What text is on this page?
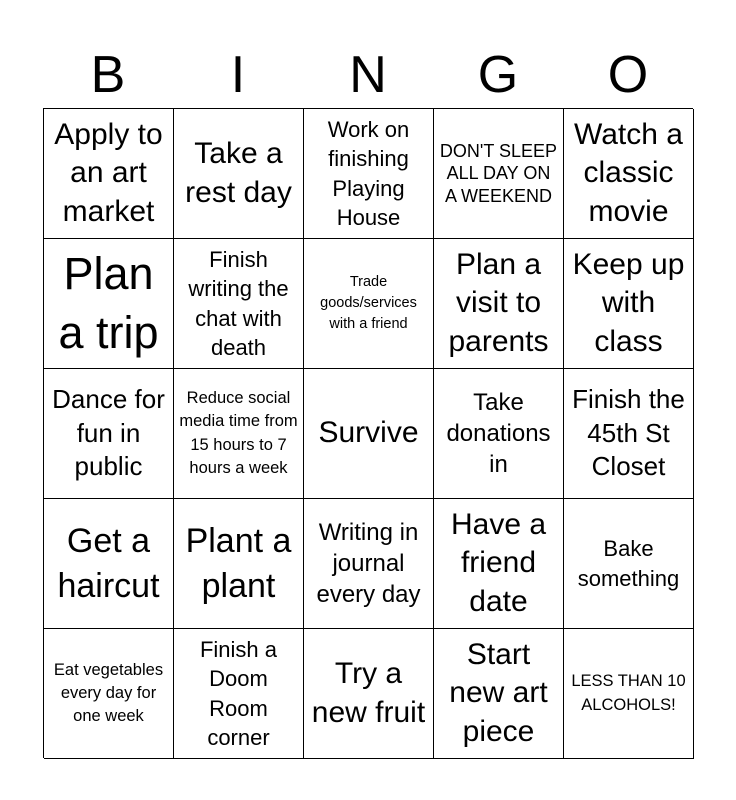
B	I	N	G	O
Apply to an art market
Take a rest day
Work on finishing Playing House
DON'T SLEEP ALL DAY ON A WEEKEND
Watch a classic movie
Plan a trip
Finish writing the chat with death
Trade goods/services with a friend
Plan a visit to parents
Keep up with class
Dance for fun in public
Reduce social media time from 15 hours to 7 hours a week
Survive
Take donations in
Finish the 45th St Closet
Get a haircut
Plant a plant
Writing in journal every day
Have a friend date
Bake something
Eat vegetables every day for one week
Finish a Doom Room corner
Try a new fruit
Start new art piece
LESS THAN 10 ALCOHOLS!
